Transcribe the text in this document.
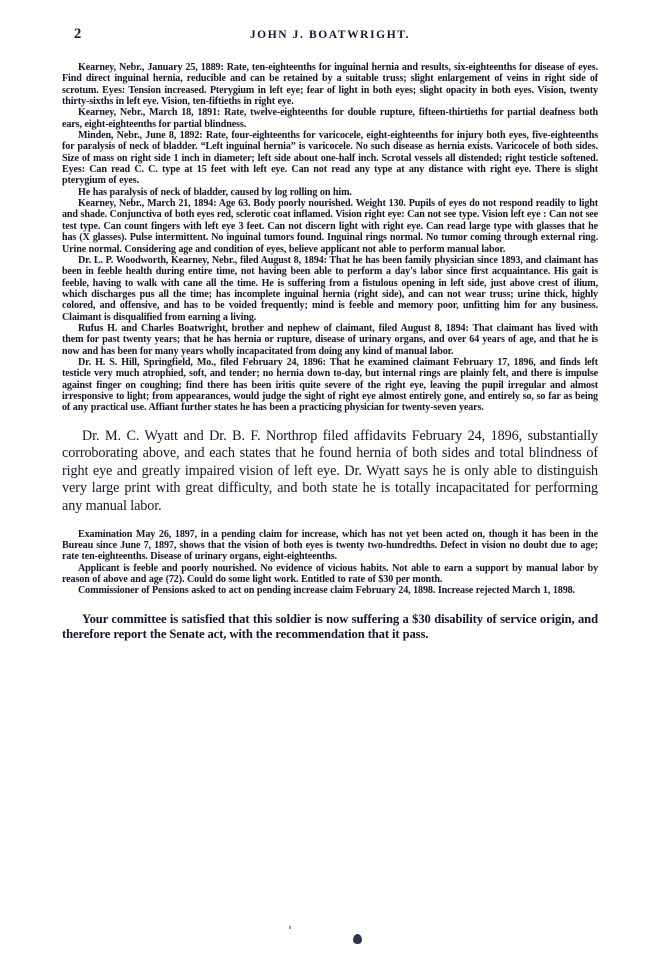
2	JOHN J. BOATWRIGHT.

Kearney, Nebr., January 25, 1889: Rate, ten-eighteenths for inguinal hernia and results, six-eighteenths for disease of eyes. Find direct inguinal hernia, reducible and can be retained by a suitable truss; slight enlargement of veins in right side of scrotum. Eyes: Tension increased. Pterygium in left eye; fear of light in both eyes; slight opacity in both eyes. Vision, twenty thirty-sixths in left eye. Vision, ten-fiftieths in right eye.

Kearney, Nebr., March 18, 1891: Rate, twelve-eighteenths for double rupture, fifteen-thirtieths for partial deafness both ears, eight-eighteenths for partial blindness.

Minden, Nebr., June 8, 1892: Rate, four-eighteenths for varicocele, eight-eighteenths for injury both eyes, five-eighteenths for paralysis of neck of bladder. “Left inguinal hernia” is varicocele. No such disease as hernia exists. Varicocele of both sides. Size of mass on right side 1 inch in diameter; left side about one-half inch. Scrotal vessels all distended; right testicle softened. Eyes: Can read C. C. type at 15 feet with left eye. Can not read any type at any distance with right eye. There is slight pterygium of eyes.

He has paralysis of neck of bladder, caused by log rolling on him.

Kearney, Nebr., March 21, 1894: Age 63. Body poorly nourished. Weight 130. Pupils of eyes do not respond readily to light and shade. Conjunctiva of both eyes red, sclerotic coat inflamed. Vision right eye: Can not see type. Vision left eye : Can not see test type. Can count fingers with left eye 3 feet. Can not discern light with right eye. Can read large type with glasses that he has (X glasses). Pulse intermittent. No inguinal tumors found. Inguinal rings normal. No tumor coming through external ring. Urine normal. Considering age and condition of eyes, believe applicant not able to perform manual labor.

Dr. L. P. Woodworth, Kearney, Nebr., filed August 8, 1894: That he has been family physician since 1893, and claimant has been in feeble health during entire time, not having been able to perform a day's labor since first acquaintance. His gait is feeble, having to walk with cane all the time. He is suffering from a fistulous opening in left side, just above crest of ilium, which discharges pus all the time; has incomplete inguinal hernia (right side), and can not wear truss; urine thick, highly colored, and offensive, and has to be voided frequently; mind is feeble and memory poor, unfitting him for any business. Claimant is disqualified from earning a living.

Rufus H. and Charles Boatwright, brother and nephew of claimant, filed August 8, 1894: That claimant has lived with them for past twenty years; that he has hernia or rupture, disease of urinary organs, and over 64 years of age, and that he is now and has been for many years wholly incapacitated from doing any kind of manual labor.

Dr. H. S. Hill, Springfield, Mo., filed February 24, 1896: That he examined claimant February 17, 1896, and finds left testicle very much atrophied, soft, and tender; no hernia down to-day, but internal rings are plainly felt, and there is impulse against finger on coughing; find there has been iritis quite severe of the right eye, leaving the pupil irregular and almost irresponsive to light; from appearances, would judge the sight of right eye almost entirely gone, and entirely so, so far as being of any practical use. Affiant further states he has been a practicing physician for twenty-seven years.

Dr. M. C. Wyatt and Dr. B. F. Northrop filed affidavits February 24, 1896, substantially corroborating above, and each states that he found hernia of both sides and total blindness of right eye and greatly impaired vision of left eye. Dr. Wyatt says he is only able to distinguish very large print with great difficulty, and both state he is totally incapacitated for performing any manual labor.

Examination May 26, 1897, in a pending claim for increase, which has not yet been acted on, though it has been in the Bureau since June 7, 1897, shows that the vision of both eyes is twenty two-hundredths. Defect in vision no doubt due to age; rate ten-eighteenths. Disease of urinary organs, eight-eighteenths.

Applicant is feeble and poorly nourished. No evidence of vicious habits. Not able to earn a support by manual labor by reason of above and age (72). Could do some light work. Entitled to rate of $30 per month.

Commissioner of Pensions asked to act on pending increase claim February 24, 1898. Increase rejected March 1, 1898.

Your committee is satisfied that this soldier is now suffering a $30 disability of service origin, and therefore report the Senate act, with the recommendation that it pass.
